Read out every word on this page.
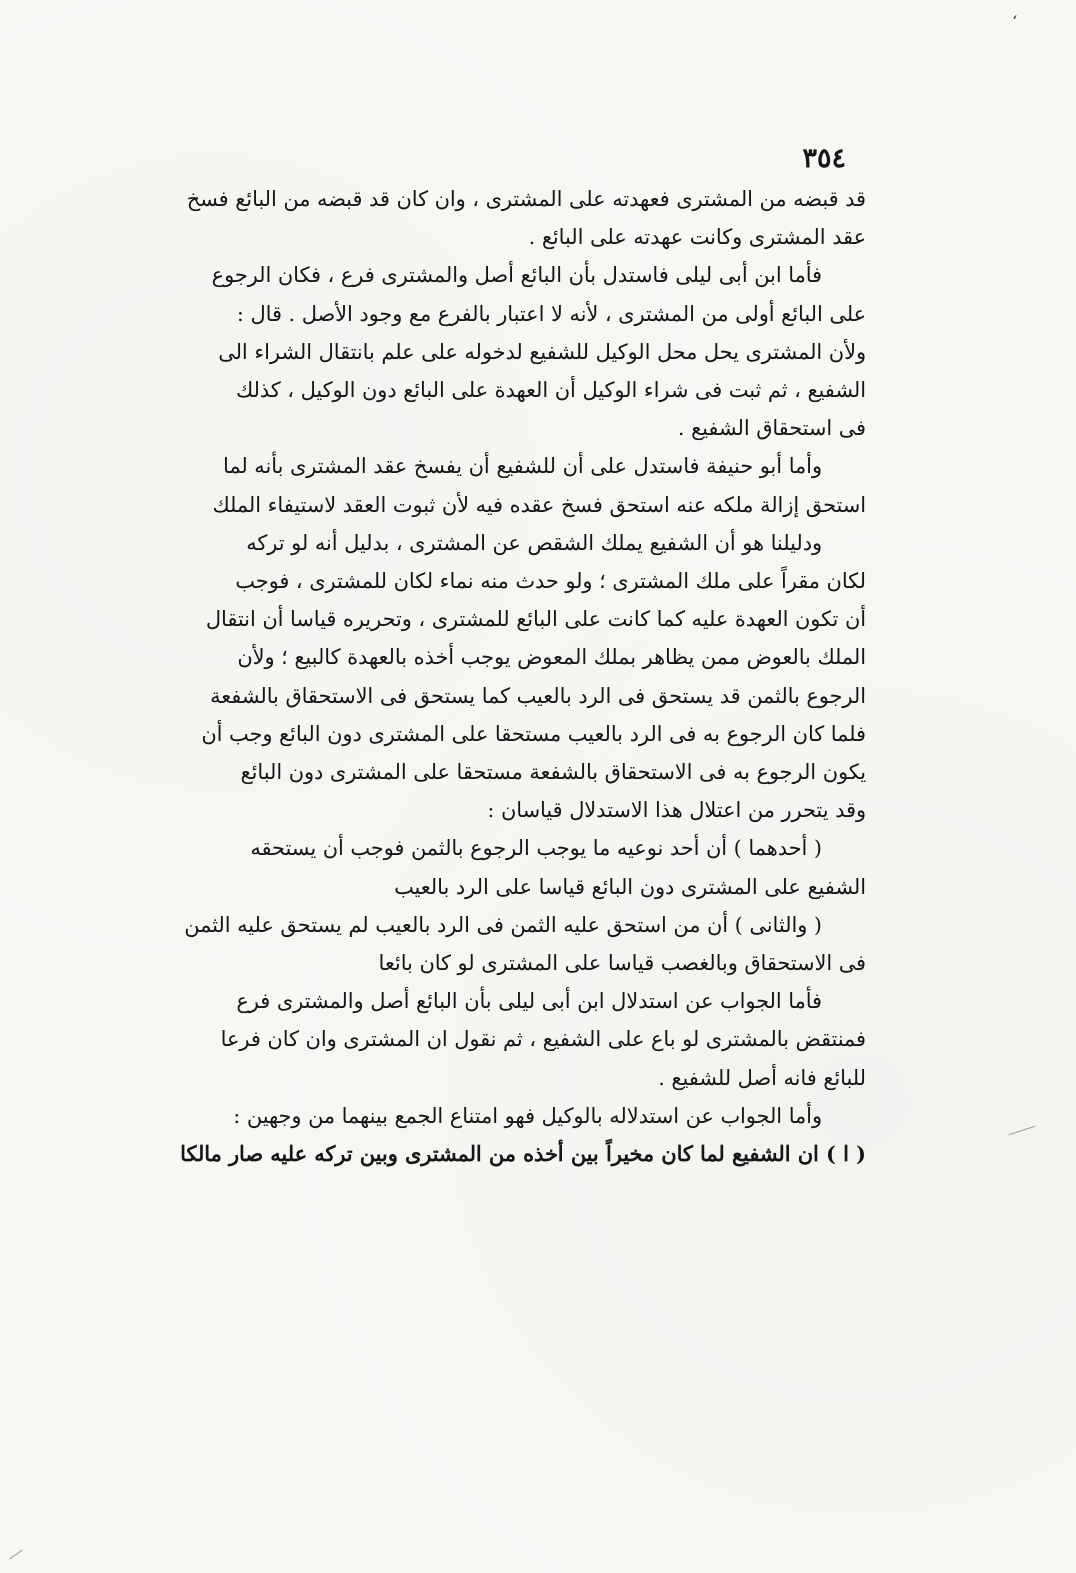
،
٣٥٤
قد قبضه من المشترى فعهدته على المشترى ، وان كان قد قبضه من البائع فسخ
عقد المشترى وكانت عهدته على البائع .
فأما ابن أبى ليلى فاستدل بأن البائع أصل والمشترى فرع ، فكان الرجوع
على البائع أولى من المشترى ، لأنه لا اعتبار بالفرع مع وجود الأصل . قال :
ولأن المشترى يحل محل الوكيل للشفيع لدخوله على علم بانتقال الشراء الى
الشفيع ، ثم ثبت فى شراء الوكيل أن العهدة على البائع دون الوكيل ، كذلك
فى استحقاق الشفيع .
وأما أبو حنيفة فاستدل على أن للشفيع أن يفسخ عقد المشترى بأنه لما
استحق إزالة ملكه عنه استحق فسخ عقده فيه لأن ثبوت العقد لاستيفاء الملك
ودليلنا هو أن الشفيع يملك الشقص عن المشترى ، بدليل أنه لو تركه
لكان مقراً على ملك المشترى ؛ ولو حدث منه نماء لكان للمشترى ، فوجب
أن تكون العهدة عليه كما كانت على البائع للمشترى ، وتحريره قياسا أن انتقال
الملك بالعوض ممن يظاهر بملك المعوض يوجب أخذه بالعهدة كالبيع ؛ ولأن
الرجوع بالثمن قد يستحق فى الرد بالعيب كما يستحق فى الاستحقاق بالشفعة
فلما كان الرجوع به فى الرد بالعيب مستحقا على المشترى دون البائع وجب أن
يكون الرجوع به فى الاستحقاق بالشفعة مستحقا على المشترى دون البائع
وقد يتحرر من اعتلال هذا الاستدلال قياسان :
( أحدهما ) أن أحد نوعيه ما يوجب الرجوع بالثمن فوجب أن يستحقه
الشفيع على المشترى دون البائع قياسا على الرد بالعيب
( والثانى ) أن من استحق عليه الثمن فى الرد بالعيب لم يستحق عليه الثمن
فى الاستحقاق وبالغصب قياسا على المشترى لو كان بائعا
فأما الجواب عن استدلال ابن أبى ليلى بأن البائع أصل والمشترى فرع
فمنتقض بالمشترى لو باع على الشفيع ، ثم نقول ان المشترى وان كان فرعا
للبائع فانه أصل للشفيع .
وأما الجواب عن استدلاله بالوكيل فهو امتناع الجمع بينهما من وجهين :
( ا ) ان الشفيع لما كان مخيراً بين أخذه من المشترى وبين تركه عليه صار مالكا
